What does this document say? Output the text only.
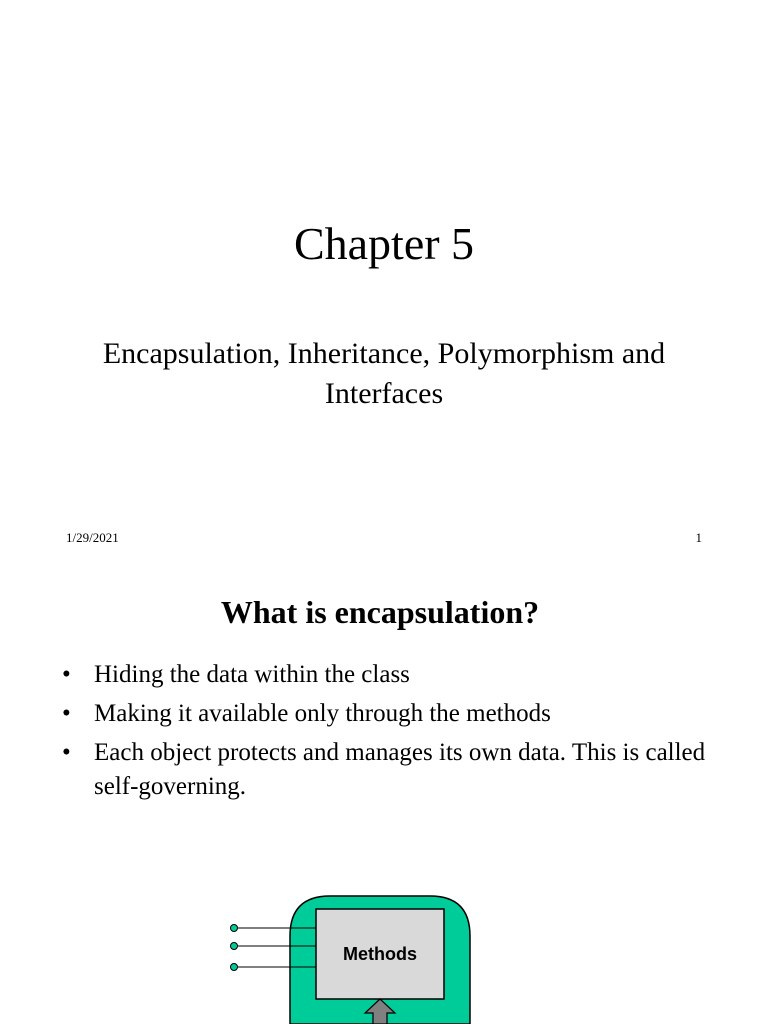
Chapter 5
Encapsulation, Inheritance, Polymorphism and
Interfaces
1/29/2021	1
What is encapsulation?
• Hiding the data within the class
• Making it available only through the methods
• Each object protects and manages its own data. This is called self-governing.
Methods
